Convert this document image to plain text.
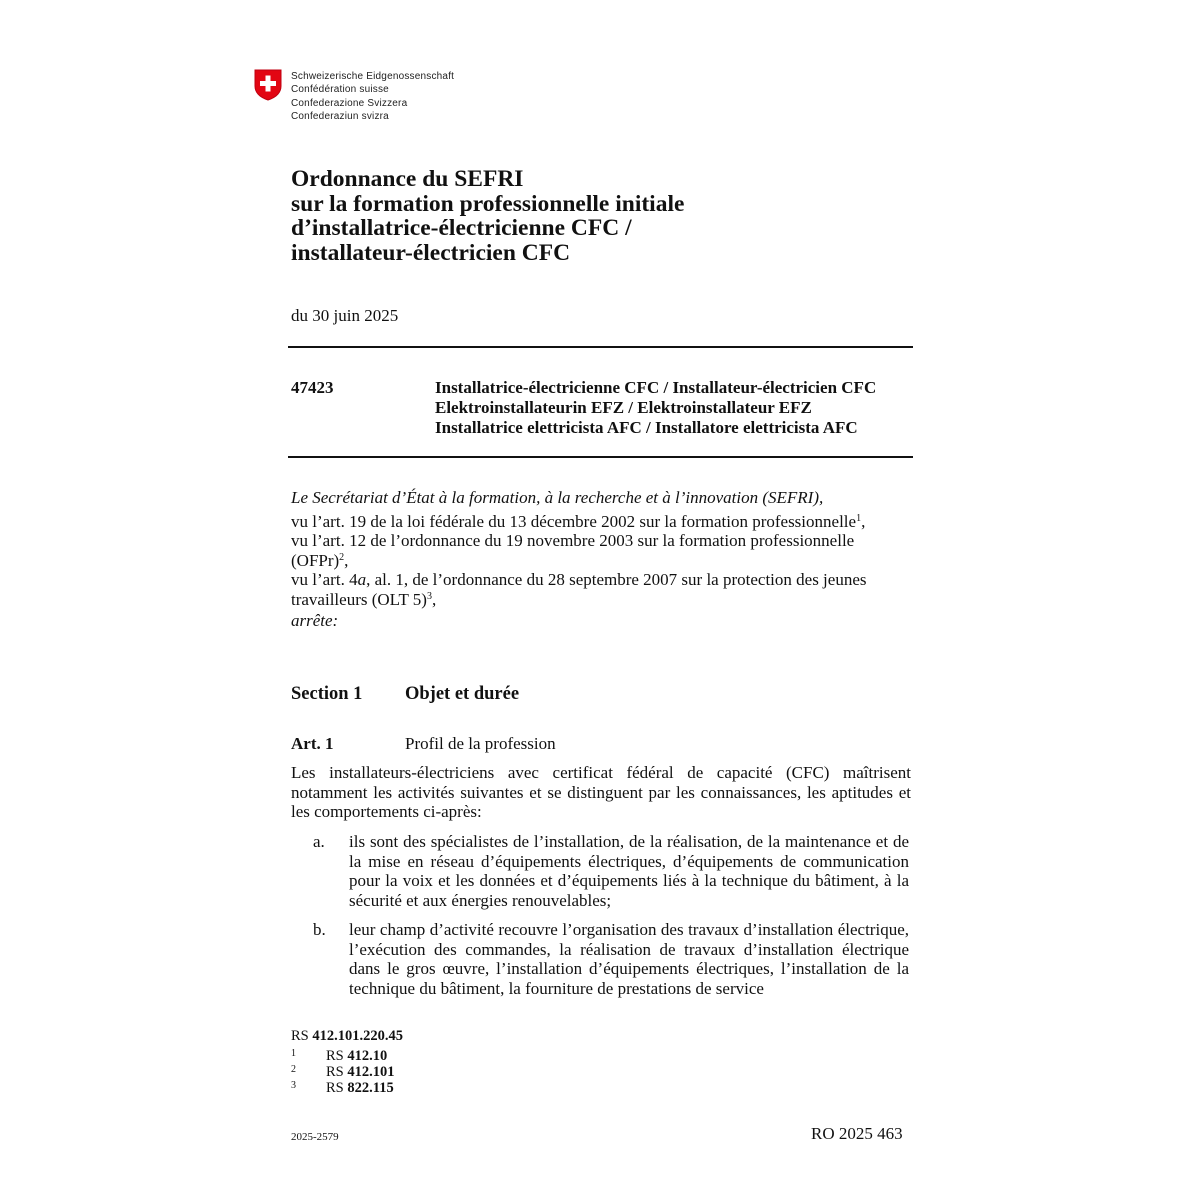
Schweizerische Eidgenossenschaft
Confédération suisse
Confederazione Svizzera
Confederaziun svizra
Ordonnance du SEFRI
sur la formation professionnelle initiale
d’installatrice-électricienne CFC /
installateur-électricien CFC
du 30 juin 2025
47423	Installatrice-électricienne CFC / Installateur-électricien CFC
Elektroinstallateurin EFZ / Elektroinstallateur EFZ
Installatrice elettricista AFC / Installatore elettricista AFC

Le Secrétariat d’État à la formation, à la recherche et à l’innovation (SEFRI),

vu l’art. 19 de la loi fédérale du 13 décembre 2002 sur la formation professionnelle$^1$,

vu l’art. 12 de l’ordonnance du 19 novembre 2003 sur la formation professionnelle (OFPr)$^2$,

vu l’art. 4a, al. 1, de l’ordonnance du 28 septembre 2007 sur la protection des jeunes travailleurs (OLT 5)$^3$,

arrête:

Section 1 Objet et durée
Art. 1	Profil de la profession
Les installateurs-électriciens avec certificat fédéral de capacité (CFC) maîtrisent notamment les activités suivantes et se distinguent par les connaissances, les aptitudes et les comportements ci-après:
a. ils sont des spécialistes de l’installation, de la réalisation, de la maintenance et de la mise en réseau d’équipements électriques, d’équipements de communication pour la voix et les données et d’équipements liés à la technique du bâtiment, à la sécurité et aux énergies renouvelables;
b. leur champ d’activité recouvre l’organisation des travaux d’installation électrique, l’exécution des commandes, la réalisation de travaux d’installation électrique dans le gros œuvre, l’installation d’équipements électriques, l’installation de la technique du bâtiment, la fourniture de prestations de service
RS 412.101.220.45
1 RS 412.10
2 RS 412.101
3 RS 822.115
2025-2579	RO 2025 463
